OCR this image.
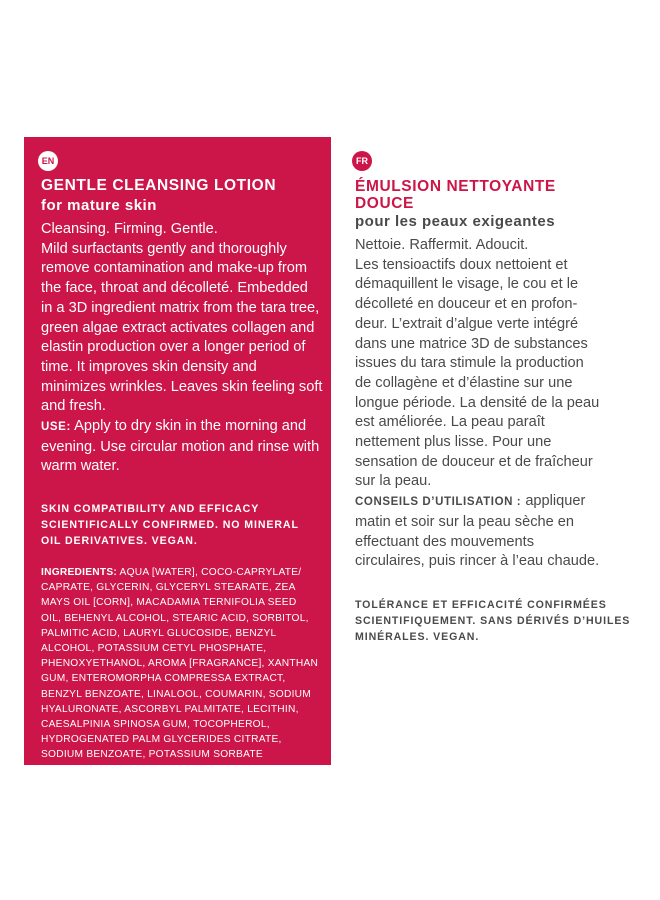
EN
GENTLE CLEANSING LOTION
for mature skin

Cleansing. Firming. Gentle.

Mild surfactants gently and thoroughly remove contamination and make-up from the face, throat and décolleté. Embedded in a 3D ingredient matrix from the tara tree, green algae extract activates collagen and elastin production over a longer period of time. It improves skin density and minimizes wrinkles. Leaves skin feeling soft and fresh.

USE: Apply to dry skin in the morning and evening. Use circular motion and rinse with warm water.

SKIN COMPATIBILITY AND EFFICACY SCIENTIFICALLY CONFIRMED. NO MINERAL OIL DERIVATIVES. VEGAN.
INGREDIENTS: AQUA [WATER], COCO-CAPRYLATE/ CAPRATE, GLYCERIN, GLYCERYL STEARATE, ZEA MAYS OIL [CORN], MACADAMIA TERNIFOLIA SEED OIL, BEHENYL ALCOHOL, STEARIC ACID, SORBITOL, PALMITIC ACID, LAURYL GLUCOSIDE, BENZYL ALCOHOL, POTASSIUM CETYL PHOSPHATE, PHENOXYETHANOL, AROMA [FRAGRANCE], XANTHAN GUM, ENTEROMORPHA COMPRESSA EXTRACT, BENZYL BENZOATE, LINALOOL, COUMARIN, SODIUM HYALURONATE, ASCORBYL PALMITATE, LECITHIN, CAESALPINIA SPINOSA GUM, TOCOPHEROL, HYDROGENATED PALM GLYCERIDES CITRATE, SODIUM BENZOATE, POTASSIUM SORBATE
FR
ÉMULSION NETTOYANTE DOUCE
pour les peaux exigeantes

Nettoie. Raffermit. Adoucit.

Les tensioactifs doux nettoient et démaquillent le visage, le cou et le décolleté en douceur et en profon- deur. L’extrait d’algue verte intégré dans une matrice 3D de substances issues du tara stimule la production de collagène et d’élastine sur une longue période. La densité de la peau est améliorée. La peau paraît nettement plus lisse. Pour une sensation de douceur et de fraîcheur sur la peau.

CONSEILS D’UTILISATION : appliquer matin et soir sur la peau sèche en effectuant des mouvements circulaires, puis rincer à l’eau chaude.

TOLÉRANCE ET EFFICACITÉ CONFIRMÉES SCIENTIFIQUEMENT. SANS DÉRIVÉS D’HUILES MINÉRALES. VEGAN.
